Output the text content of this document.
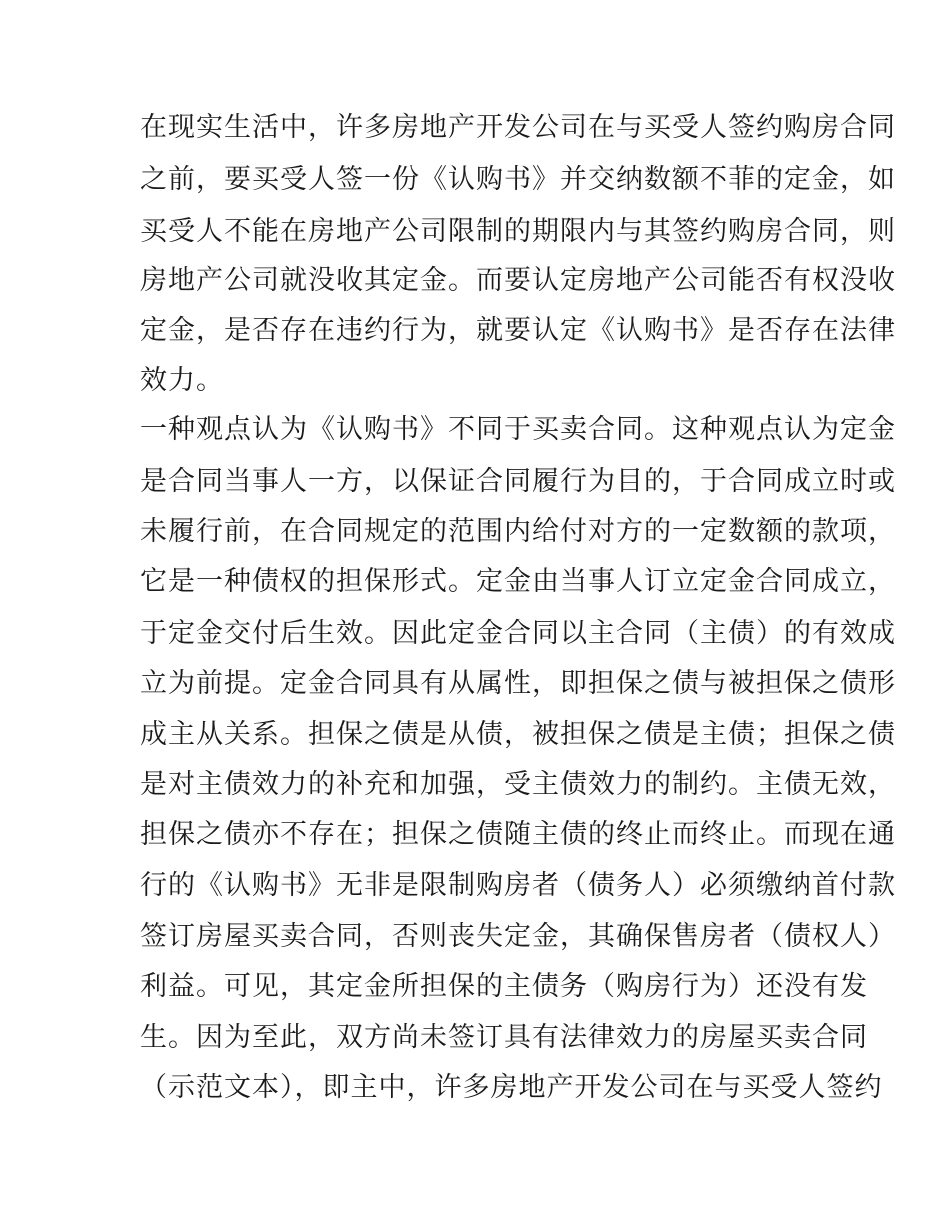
在现实生活中，许多房地产开发公司在与买受人签约购房合同
之前，要买受人签一份《认购书》并交纳数额不菲的定金，如
买受人不能在房地产公司限制的期限内与其签约购房合同，则
房地产公司就没收其定金。而要认定房地产公司能否有权没收
定金，是否存在违约行为，就要认定《认购书》是否存在法律
效力。
一种观点认为《认购书》不同于买卖合同。这种观点认为定金
是合同当事人一方，以保证合同履行为目的，于合同成立时或
未履行前，在合同规定的范围内给付对方的一定数额的款项，
它是一种债权的担保形式。定金由当事人订立定金合同成立，
于定金交付后生效。因此定金合同以主合同（主债）的有效成
立为前提。定金合同具有从属性，即担保之债与被担保之债形
成主从关系。担保之债是从债，被担保之债是主债；担保之债
是对主债效力的补充和加强，受主债效力的制约。主债无效，
担保之债亦不存在；担保之债随主债的终止而终止。而现在通
行的《认购书》无非是限制购房者（债务人）必须缴纳首付款
签订房屋买卖合同，否则丧失定金，其确保售房者（债权人）
利益。可见，其定金所担保的主债务（购房行为）还没有发
生。因为至此，双方尚未签订具有法律效力的房屋买卖合同
（示范文本），即主中，许多房地产开发公司在与买受人签约
